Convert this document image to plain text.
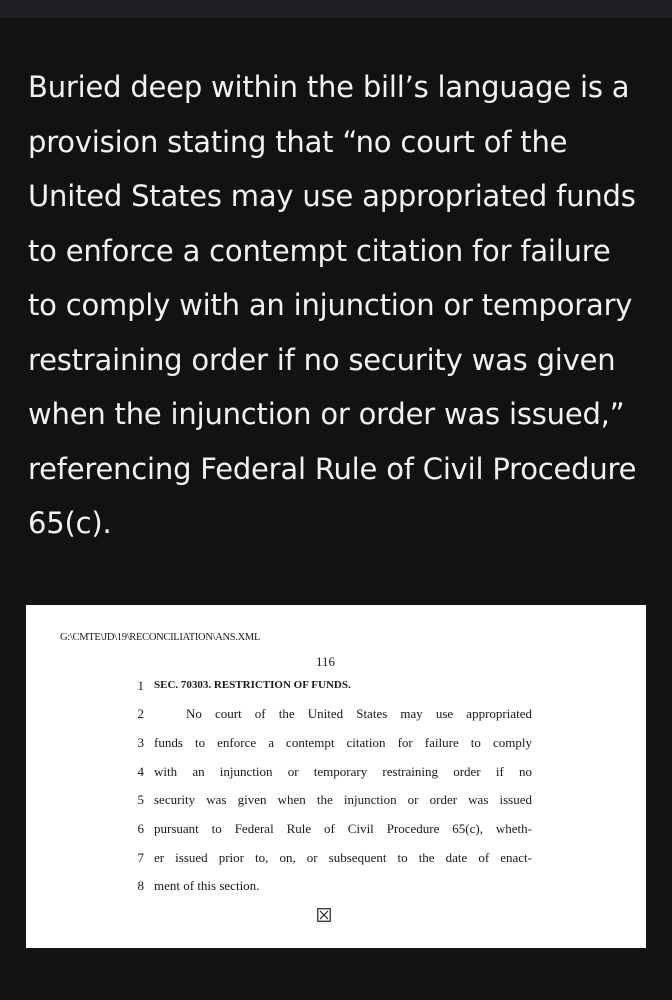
Buried deep within the bill’s language is a provision stating that “no court of the United States may use appropriated funds to enforce a contempt citation for failure to comply with an injunction or temporary restraining order if no security was given when the injunction or order was issued,” referencing Federal Rule of Civil Procedure 65(c).

G:\CMTE\JD\19\RECONCILIATION\ANS.XML
116
1 SEC. 70303. RESTRICTION OF FUNDS.
2	No court of the United States may use appropriated
3 funds to enforce a contempt citation for failure to comply
4 with an injunction or temporary restraining order if no
5 security was given when the injunction or order was issued
6 pursuant to Federal Rule of Civil Procedure 65(c), wheth-
7 er issued prior to, on, or subsequent to the date of enact-
8 ment of this section.
